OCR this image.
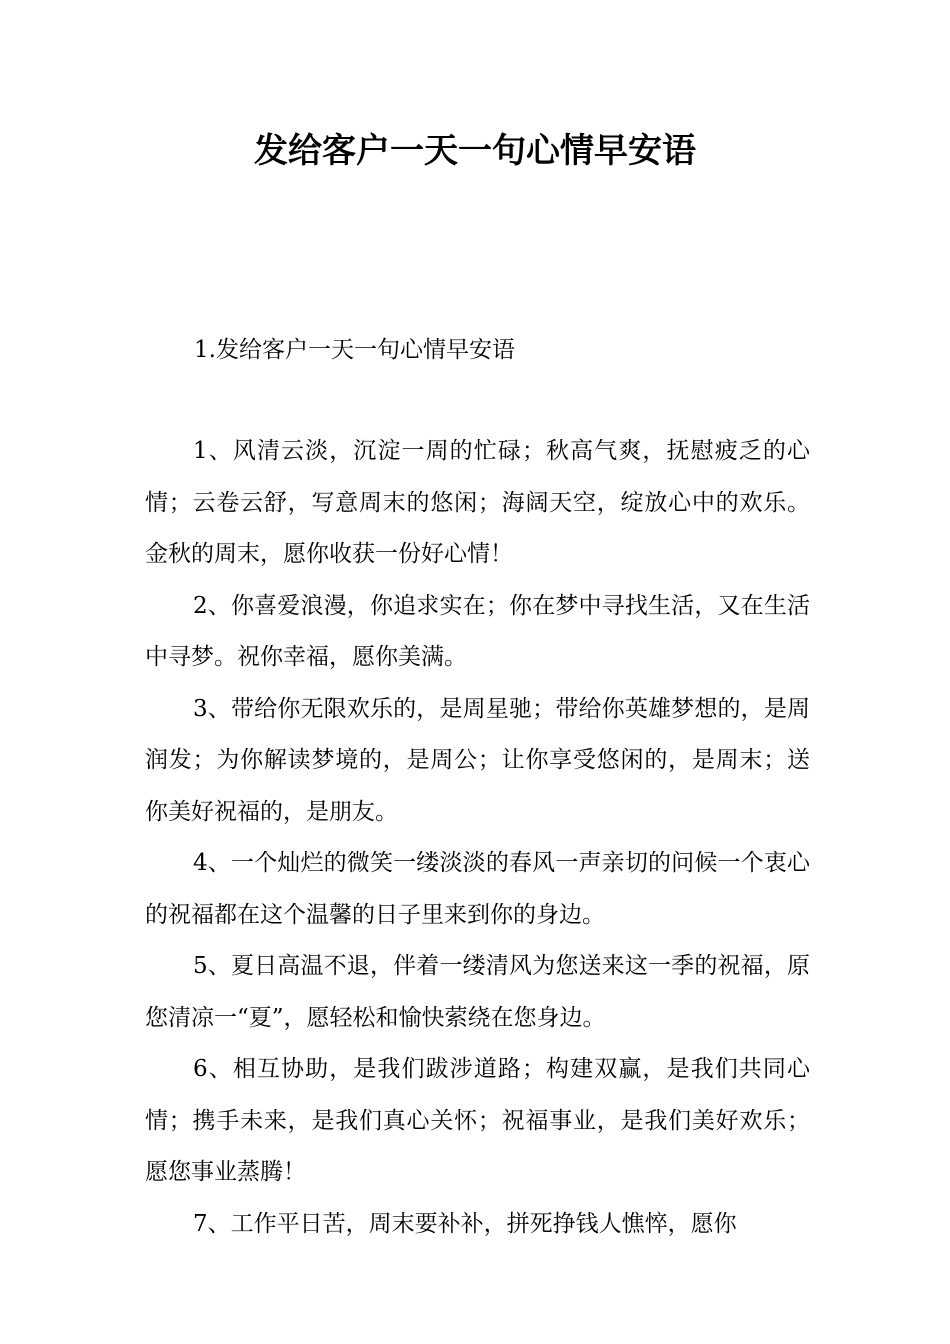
发给客户一天一句心情早安语

1.发给客户一天一句心情早安语

1、风清云淡，沉淀一周的忙碌；秋高气爽，抚慰疲乏的心情；云卷云舒，写意周末的悠闲；海阔天空，绽放心中的欢乐。金秋的周末，愿你收获一份好心情！

2、你喜爱浪漫，你追求实在；你在梦中寻找生活，又在生活中寻梦。祝你幸福，愿你美满。

3、带给你无限欢乐的，是周星驰；带给你英雄梦想的，是周润发；为你解读梦境的，是周公；让你享受悠闲的，是周末；送你美好祝福的，是朋友。

4、一个灿烂的微笑一缕淡淡的春风一声亲切的问候一个衷心的祝福都在这个温馨的日子里来到你的身边。

5、夏日高温不退，伴着一缕清风为您送来这一季的祝福，原您清凉一“夏”，愿轻松和愉快萦绕在您身边。

6、相互协助，是我们跋涉道路；构建双赢，是我们共同心情；携手未来，是我们真心关怀；祝福事业，是我们美好欢乐；愿您事业蒸腾！

7、工作平日苦，周末要补补，拼死挣钱人憔悴，愿你
